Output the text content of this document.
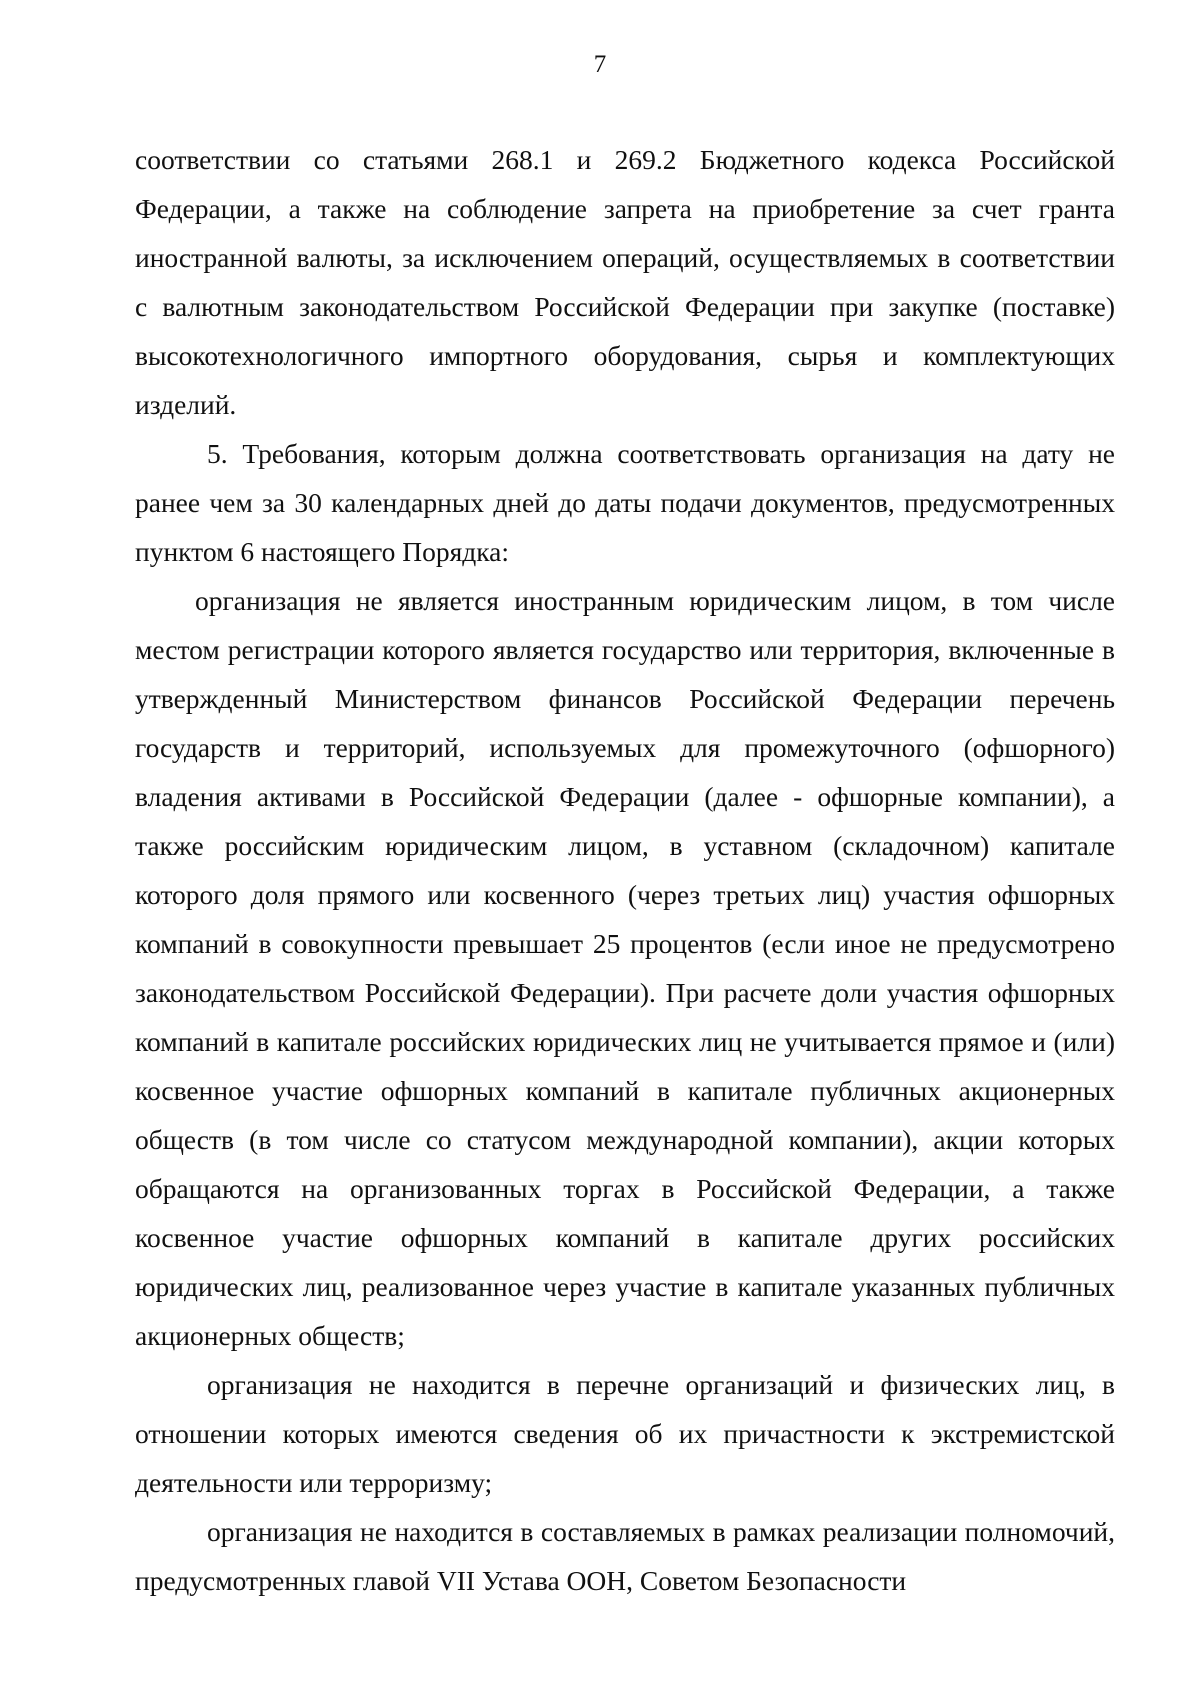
7

соответствии со статьями 268.1 и 269.2 Бюджетного кодекса Российской Федерации, а также на соблюдение запрета на приобретение за счет гранта иностранной валюты, за исключением операций, осуществляемых в соответствии с валютным законодательством Российской Федерации при закупке (поставке) высокотехнологичного импортного оборудования, сырья и комплектующих изделий.

5. Требования, которым должна соответствовать организация на дату не ранее чем за 30 календарных дней до даты подачи документов, предусмотренных пунктом 6 настоящего Порядка:

организация не является иностранным юридическим лицом, в том числе местом регистрации которого является государство или территория, включенные в утвержденный Министерством финансов Российской Федерации перечень государств и территорий, используемых для промежуточного (офшорного) владения активами в Российской Федерации (далее - офшорные компании), а также российским юридическим лицом, в уставном (складочном) капитале которого доля прямого или косвенного (через третьих лиц) участия офшорных компаний в совокупности превышает 25 процентов (если иное не предусмотрено законодательством Российской Федерации). При расчете доли участия офшорных компаний в капитале российских юридических лиц не учитывается прямое и (или) косвенное участие офшорных компаний в капитале публичных акционерных обществ (в том числе со статусом международной компании), акции которых обращаются на организованных торгах в Российской Федерации, а также косвенное участие офшорных компаний в капитале других российских юридических лиц, реализованное через участие в капитале указанных публичных акционерных обществ;

организация не находится в перечне организаций и физических лиц, в отношении которых имеются сведения об их причастности к экстремистской деятельности или терроризму;

организация не находится в составляемых в рамках реализации полномочий, предусмотренных главой VII Устава ООН, Советом Безопасности
